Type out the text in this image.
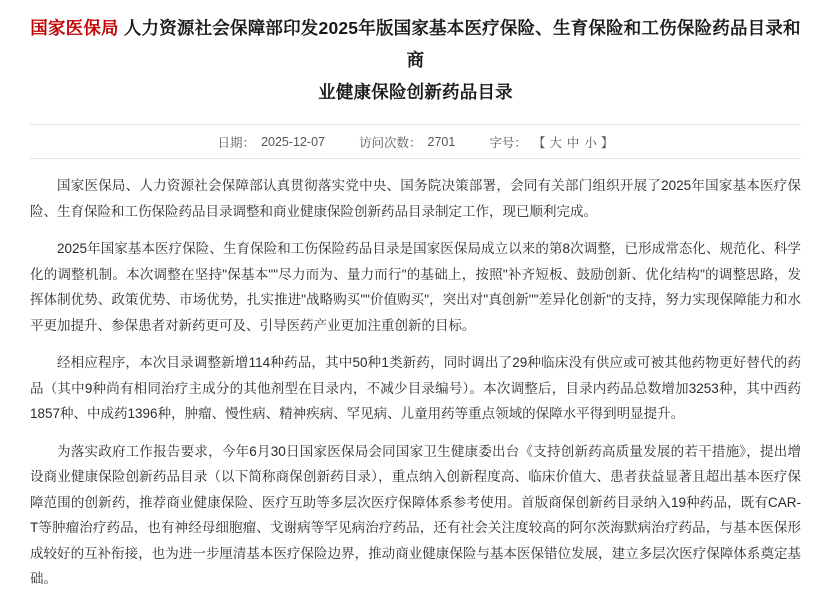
国家医保局 人力资源社会保障部印发2025年版国家基本医疗保险、生育保险和工伤保险药品目录和商
业健康保险创新药品目录
日期： 2025-12-07	访问次数： 2701	字号： 【 大 中 小 】

国家医保局、人力资源社会保障部认真贯彻落实党中央、国务院决策部署，会同有关部门组织开展了2025年国家基本医疗保险、生育保险和工伤保险药品目录调整和商业健康保险创新药品目录制定工作，现已顺利完成。

2025年国家基本医疗保险、生育保险和工伤保险药品目录是国家医保局成立以来的第8次调整，已形成常态化、规范化、科学化的调整机制。本次调整在坚持"保基本""尽力而为、量力而行"的基础上，按照"补齐短板、鼓励创新、优化结构"的调整思路，发挥体制优势、政策优势、市场优势，扎实推进"战略购买""价值购买"，突出对"真创新""差异化创新"的支持，努力实现保障能力和水平更加提升、参保患者对新药更可及、引导医药产业更加注重创新的目标。

经相应程序，本次目录调整新增114种药品，其中50种1类新药，同时调出了29种临床没有供应或可被其他药物更好替代的药品（其中9种尚有相同治疗主成分的其他剂型在目录内，不减少目录编号）。本次调整后，目录内药品总数增加3253种，其中西药1857种、中成药1396种，肿瘤、慢性病、精神疾病、罕见病、儿童用药等重点领域的保障水平得到明显提升。

为落实政府工作报告要求，今年6月30日国家医保局会同国家卫生健康委出台《支持创新药高质量发展的若干措施》，提出增设商业健康保险创新药品目录（以下简称商保创新药目录），重点纳入创新程度高、临床价值大、患者获益显著且超出基本医疗保障范围的创新药，推荐商业健康保险、医疗互助等多层次医疗保障体系参考使用。首版商保创新药目录纳入19种药品，既有CAR-T等肿瘤治疗药品，也有神经母细胞瘤、戈谢病等罕见病治疗药品，还有社会关注度较高的阿尔茨海默病治疗药品，与基本医保形成较好的互补衔接，也为进一步厘清基本医疗保险边界，推动商业健康保险与基本医保错位发展，建立多层次医疗保障体系奠定基础。
